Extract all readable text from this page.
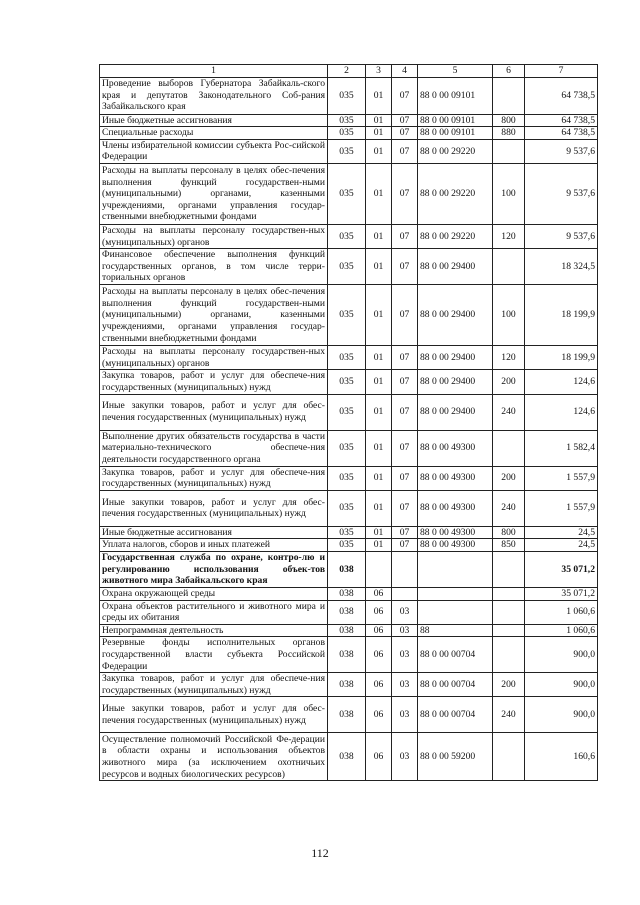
1	2	3	4	5	6	7
Проведение выборов Губернатора Забайкаль-ского края и депутатов Законодательного Соб-рания Забайкальского края	035	01	07	88 0 00 09101		64 738,5
Иные бюджетные ассигнования	035	01	07	88 0 00 09101	800	64 738,5
Специальные расходы	035	01	07	88 0 00 09101	880	64 738,5
Члены избирательной комиссии субъекта Рос-сийской Федерации	035	01	07	88 0 00 29220		9 537,6
Расходы на выплаты персоналу в целях обес-печения выполнения функций государствен-ными (муниципальными) органами, казенными учреждениями, органами управления государ-ственными внебюджетными фондами	035	01	07	88 0 00 29220	100	9 537,6
Расходы на выплаты персоналу государствен-ных (муниципальных) органов	035	01	07	88 0 00 29220	120	9 537,6
Финансовое обеспечение выполнения функций государственных органов, в том числе терри-ториальных органов	035	01	07	88 0 00 29400		18 324,5
Расходы на выплаты персоналу в целях обес-печения выполнения функций государствен-ными (муниципальными) органами, казенными учреждениями, органами управления государ-ственными внебюджетными фондами	035	01	07	88 0 00 29400	100	18 199,9
Расходы на выплаты персоналу государствен-ных (муниципальных) органов	035	01	07	88 0 00 29400	120	18 199,9
Закупка товаров, работ и услуг для обеспече-ния государственных (муниципальных) нужд	035	01	07	88 0 00 29400	200	124,6
Иные закупки товаров, работ и услуг для обес-печения государственных (муниципальных) нужд	035	01	07	88 0 00 29400	240	124,6
Выполнение других обязательств государства в части материально-технического обеспече-ния деятельности государственного органа	035	01	07	88 0 00 49300		1 582,4
Закупка товаров, работ и услуг для обеспече-ния государственных (муниципальных) нужд	035	01	07	88 0 00 49300	200	1 557,9
Иные закупки товаров, работ и услуг для обес-печения государственных (муниципальных) нужд	035	01	07	88 0 00 49300	240	1 557,9
Иные бюджетные ассигнования	035	01	07	88 0 00 49300	800	24,5
Уплата налогов, сборов и иных платежей	035	01	07	88 0 00 49300	850	24,5
Государственная служба по охране, контро-лю и регулированию использования объек-тов животного мира Забайкальского края	038					35 071,2
Охрана окружающей среды	038	06				35 071,2
Охрана объектов растительного и животного мира и среды их обитания	038	06	03			1 060,6
Непрограммная деятельность	038	06	03	88		1 060,6
Резервные фонды исполнительных органов государственной власти субъекта Российской Федерации	038	06	03	88 0 00 00704		900,0
Закупка товаров, работ и услуг для обеспече-ния государственных (муниципальных) нужд	038	06	03	88 0 00 00704	200	900,0
Иные закупки товаров, работ и услуг для обес-печения государственных (муниципальных) нужд	038	06	03	88 0 00 00704	240	900,0
Осуществление полномочий Российской Фе-дерации в области охраны и использования объектов животного мира (за исключением охотничьих ресурсов и водных биологических ресурсов)	038	06	03	88 0 00 59200		160,6
112
